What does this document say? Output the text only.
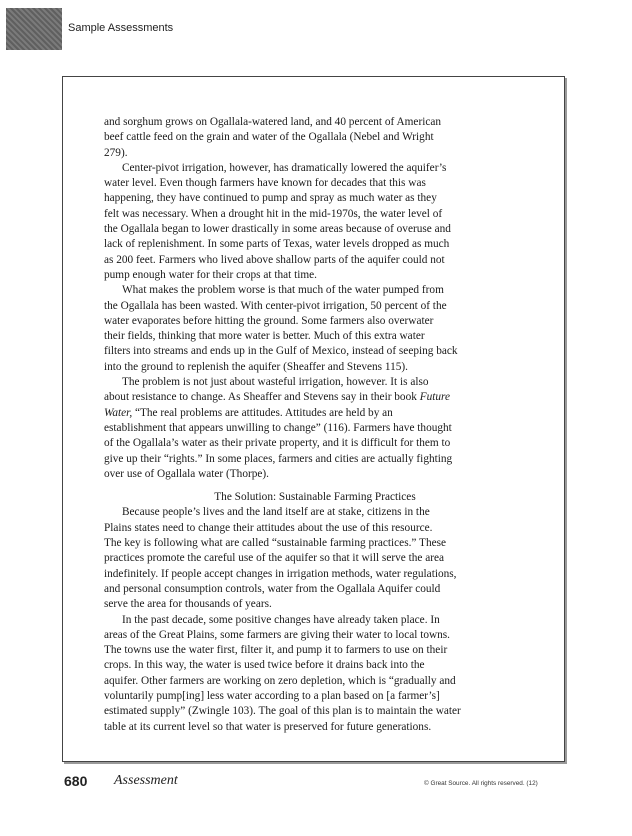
Sample Assessments
and sorghum grows on Ogallala-watered land, and 40 percent of American
beef cattle feed on the grain and water of the Ogallala (Nebel and Wright
279).
Center-pivot irrigation, however, has dramatically lowered the aquifer’s
water level. Even though farmers have known for decades that this was
happening, they have continued to pump and spray as much water as they
felt was necessary. When a drought hit in the mid-1970s, the water level of
the Ogallala began to lower drastically in some areas because of overuse and
lack of replenishment. In some parts of Texas, water levels dropped as much
as 200 feet. Farmers who lived above shallow parts of the aquifer could not
pump enough water for their crops at that time.
What makes the problem worse is that much of the water pumped from
the Ogallala has been wasted. With center-pivot irrigation, 50 percent of the
water evaporates before hitting the ground. Some farmers also overwater
their fields, thinking that more water is better. Much of this extra water
filters into streams and ends up in the Gulf of Mexico, instead of seeping back
into the ground to replenish the aquifer (Sheaffer and Stevens 115).
The problem is not just about wasteful irrigation, however. It is also
about resistance to change. As Sheaffer and Stevens say in their book Future
Water, “The real problems are attitudes. Attitudes are held by an
establishment that appears unwilling to change” (116). Farmers have thought
of the Ogallala’s water as their private property, and it is difficult for them to
give up their “rights.” In some places, farmers and cities are actually fighting
over use of Ogallala water (Thorpe).
The Solution: Sustainable Farming Practices
Because people’s lives and the land itself are at stake, citizens in the
Plains states need to change their attitudes about the use of this resource.
The key is following what are called “sustainable farming practices.” These
practices promote the careful use of the aquifer so that it will serve the area
indefinitely. If people accept changes in irrigation methods, water regulations,
and personal consumption controls, water from the Ogallala Aquifer could
serve the area for thousands of years.
In the past decade, some positive changes have already taken place. In
areas of the Great Plains, some farmers are giving their water to local towns.
The towns use the water first, filter it, and pump it to farmers to use on their
crops. In this way, the water is used twice before it drains back into the
aquifer. Other farmers are working on zero depletion, which is “gradually and
voluntarily pump[ing] less water according to a plan based on [a farmer’s]
estimated supply” (Zwingle 103). The goal of this plan is to maintain the water
table at its current level so that water is preserved for future generations.
680 Assessment	© Great Source. All rights reserved. (12)
